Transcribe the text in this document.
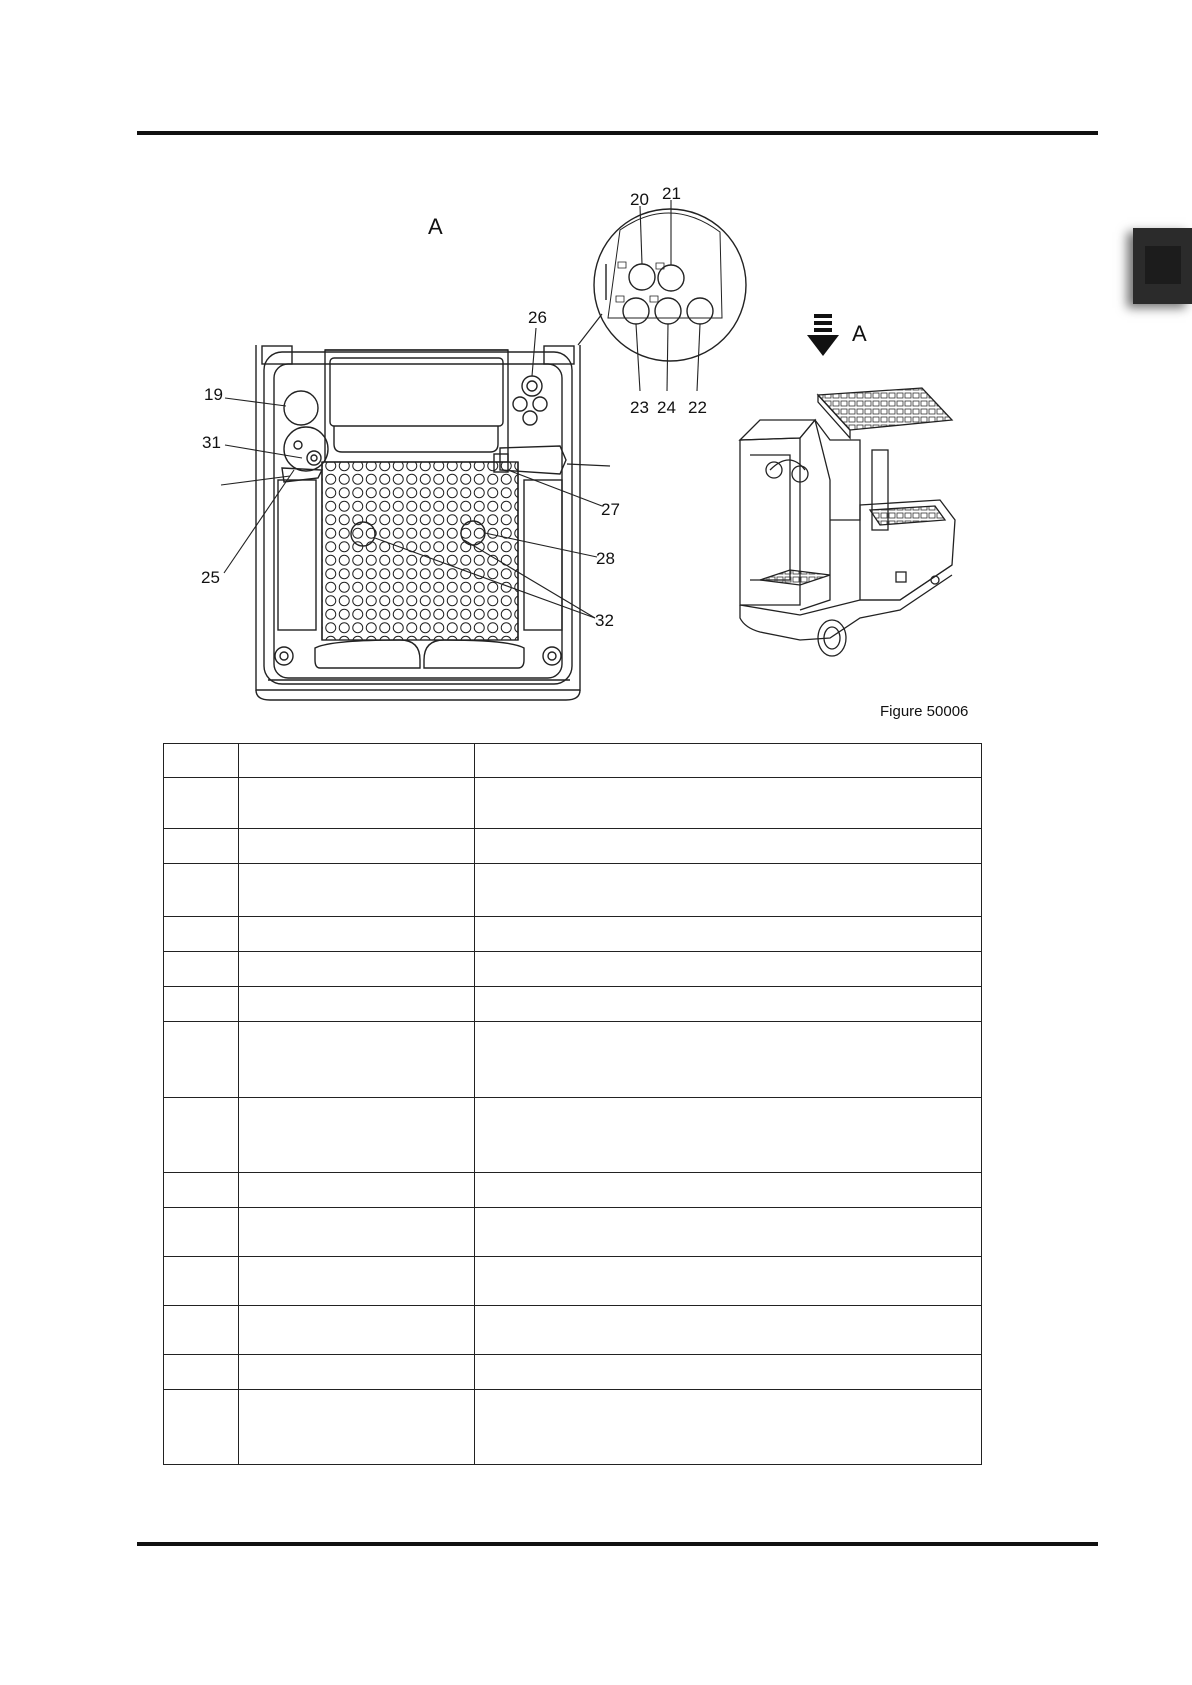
19
20 21
22
23 24
25
26
27
28
31
32
A
A
Figure 50006
